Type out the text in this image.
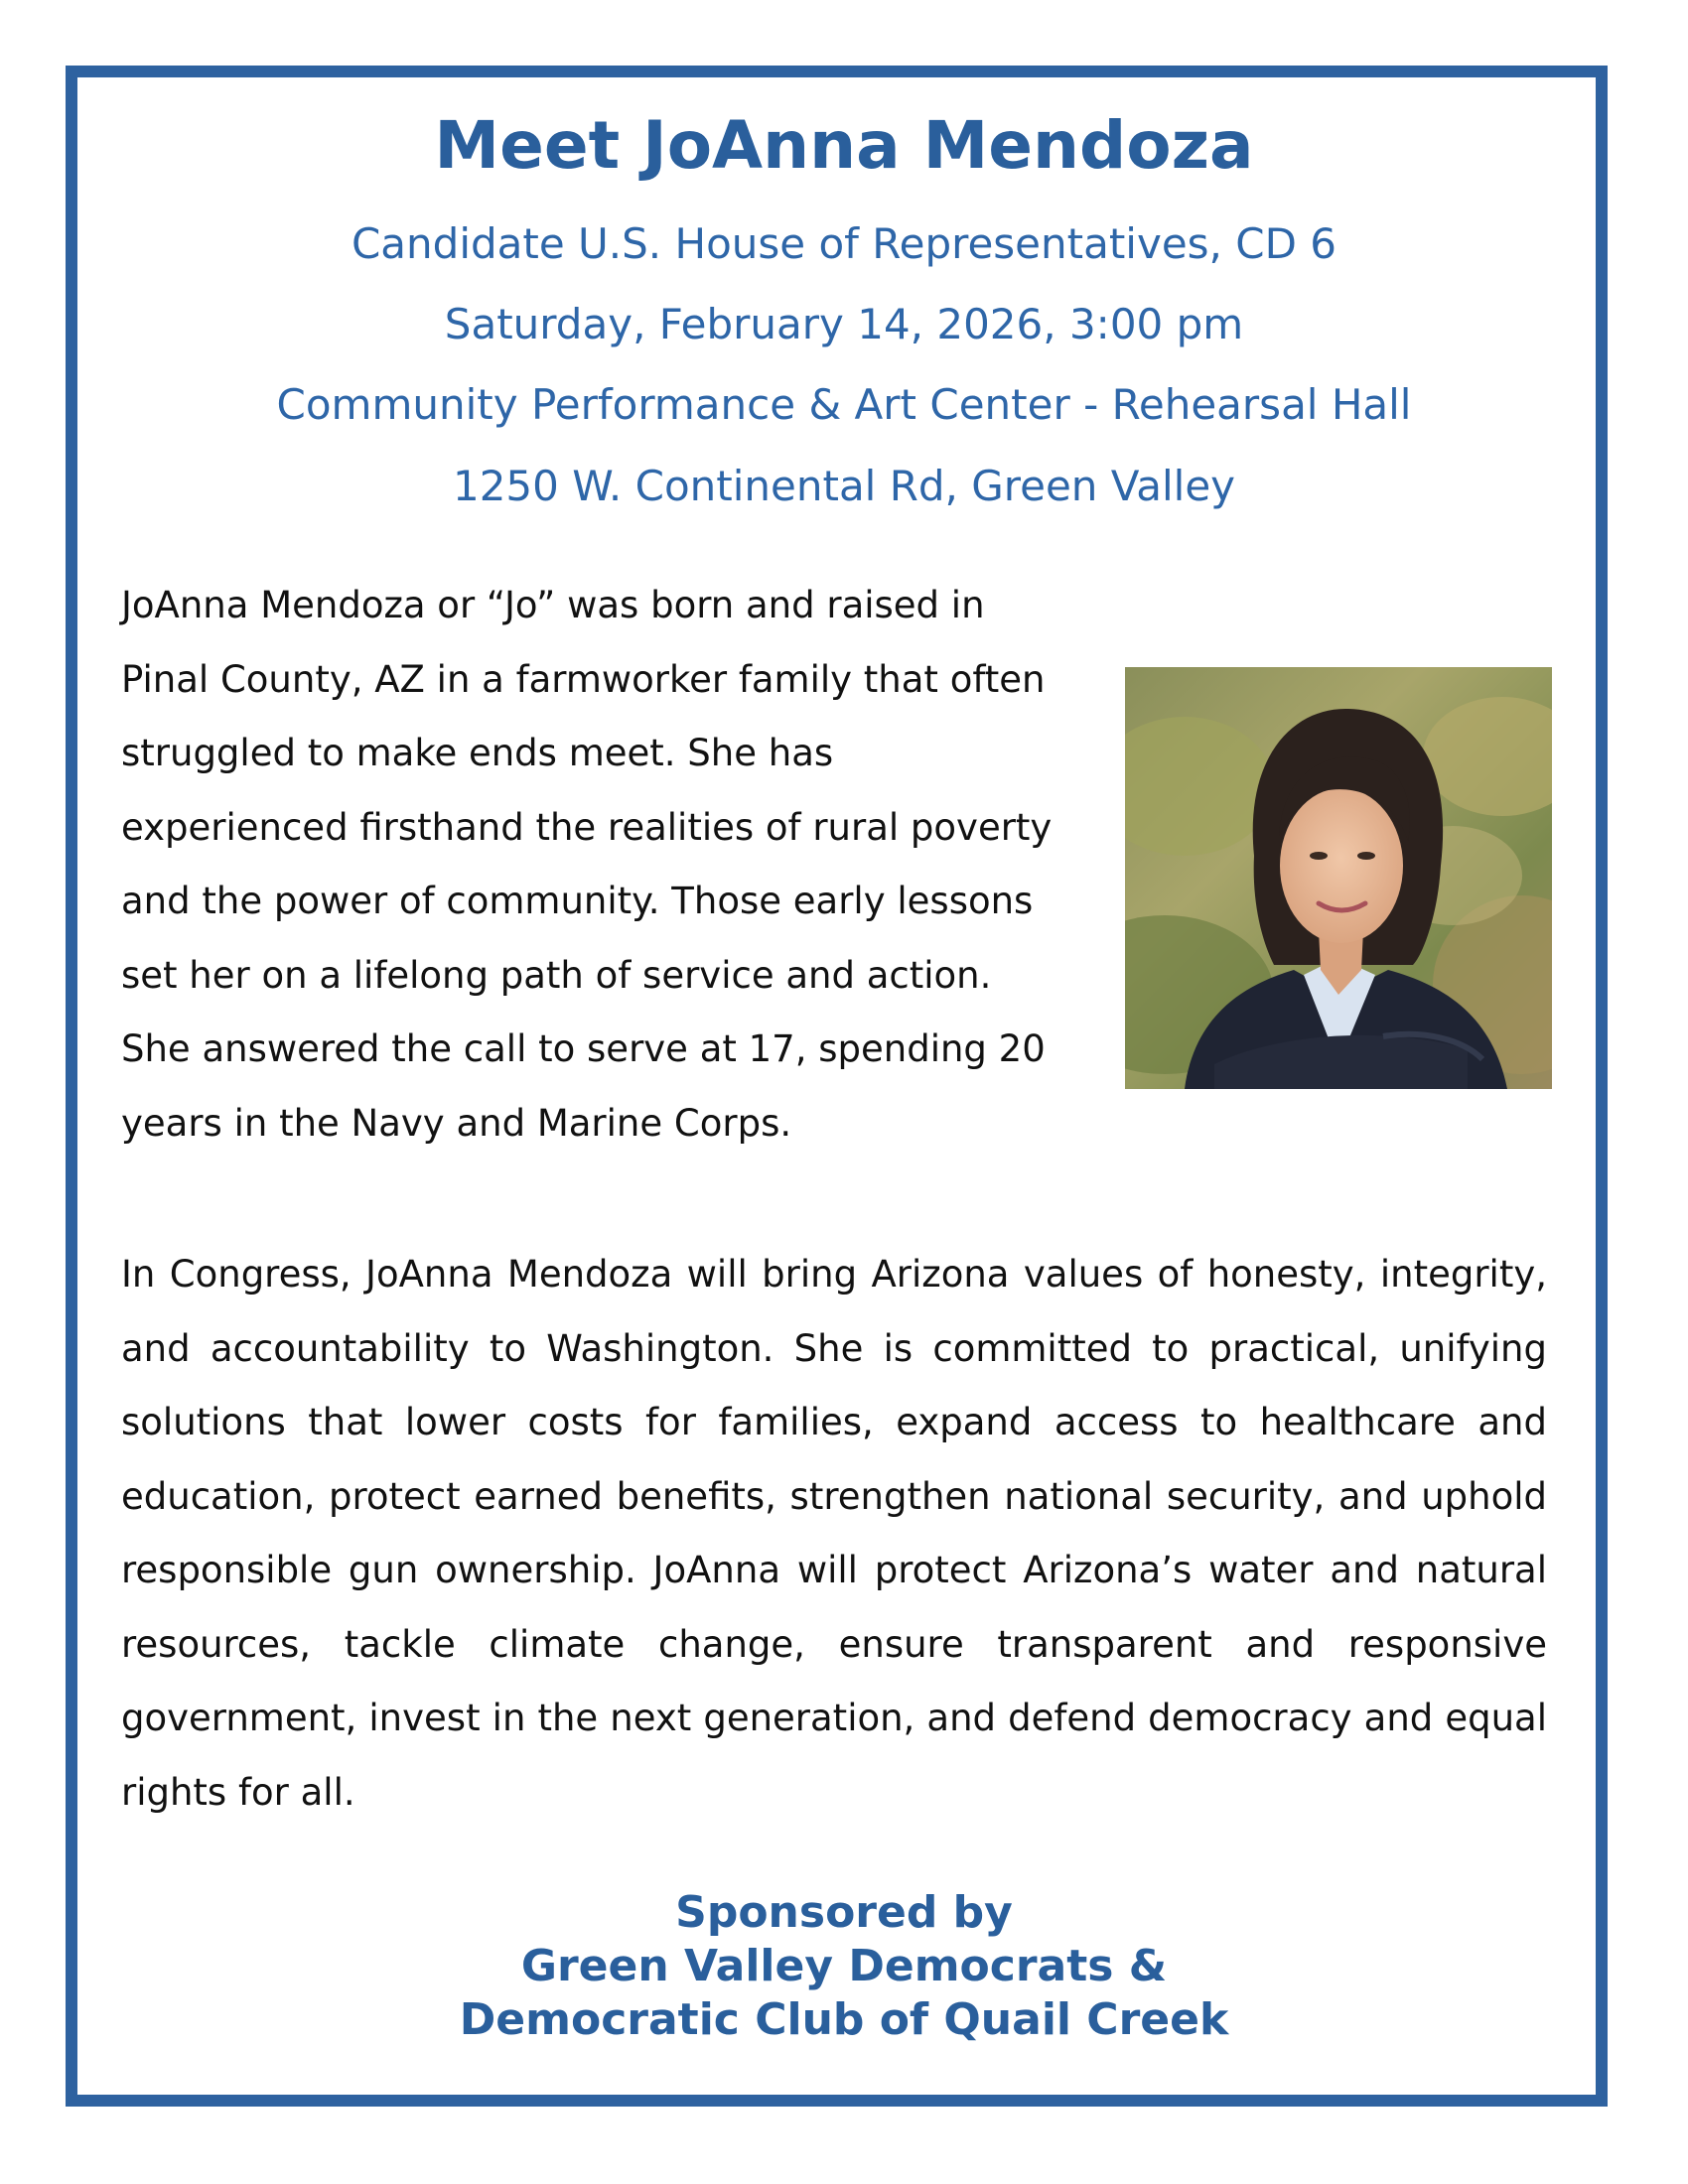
Meet JoAnna Mendoza

Candidate U.S. House of Representatives, CD 6

Saturday, February 14, 2026, 3:00 pm

Community Performance & Art Center - Rehearsal Hall

1250 W. Continental Rd, Green Valley

JoAnna Mendoza or “Jo” was born and raised in Pinal County, AZ in a farmworker family that often struggled to make ends meet. She has experienced firsthand the realities of rural poverty and the power of community. Those early lessons set her on a lifelong path of service and action. She answered the call to serve at 17, spending 20 years in the Navy and Marine Corps.

In Congress, JoAnna Mendoza will bring Arizona values of honesty, integrity, and accountability to Washington. She is committed to practical, unifying solutions that lower costs for families, expand access to healthcare and education, protect earned benefits, strengthen national security, and uphold responsible gun ownership. JoAnna will protect Arizona’s water and natural resources, tackle climate change, ensure transparent and responsive government, invest in the next generation, and defend democracy and equal rights for all.

Sponsored by

Green Valley Democrats &

Democratic Club of Quail Creek
